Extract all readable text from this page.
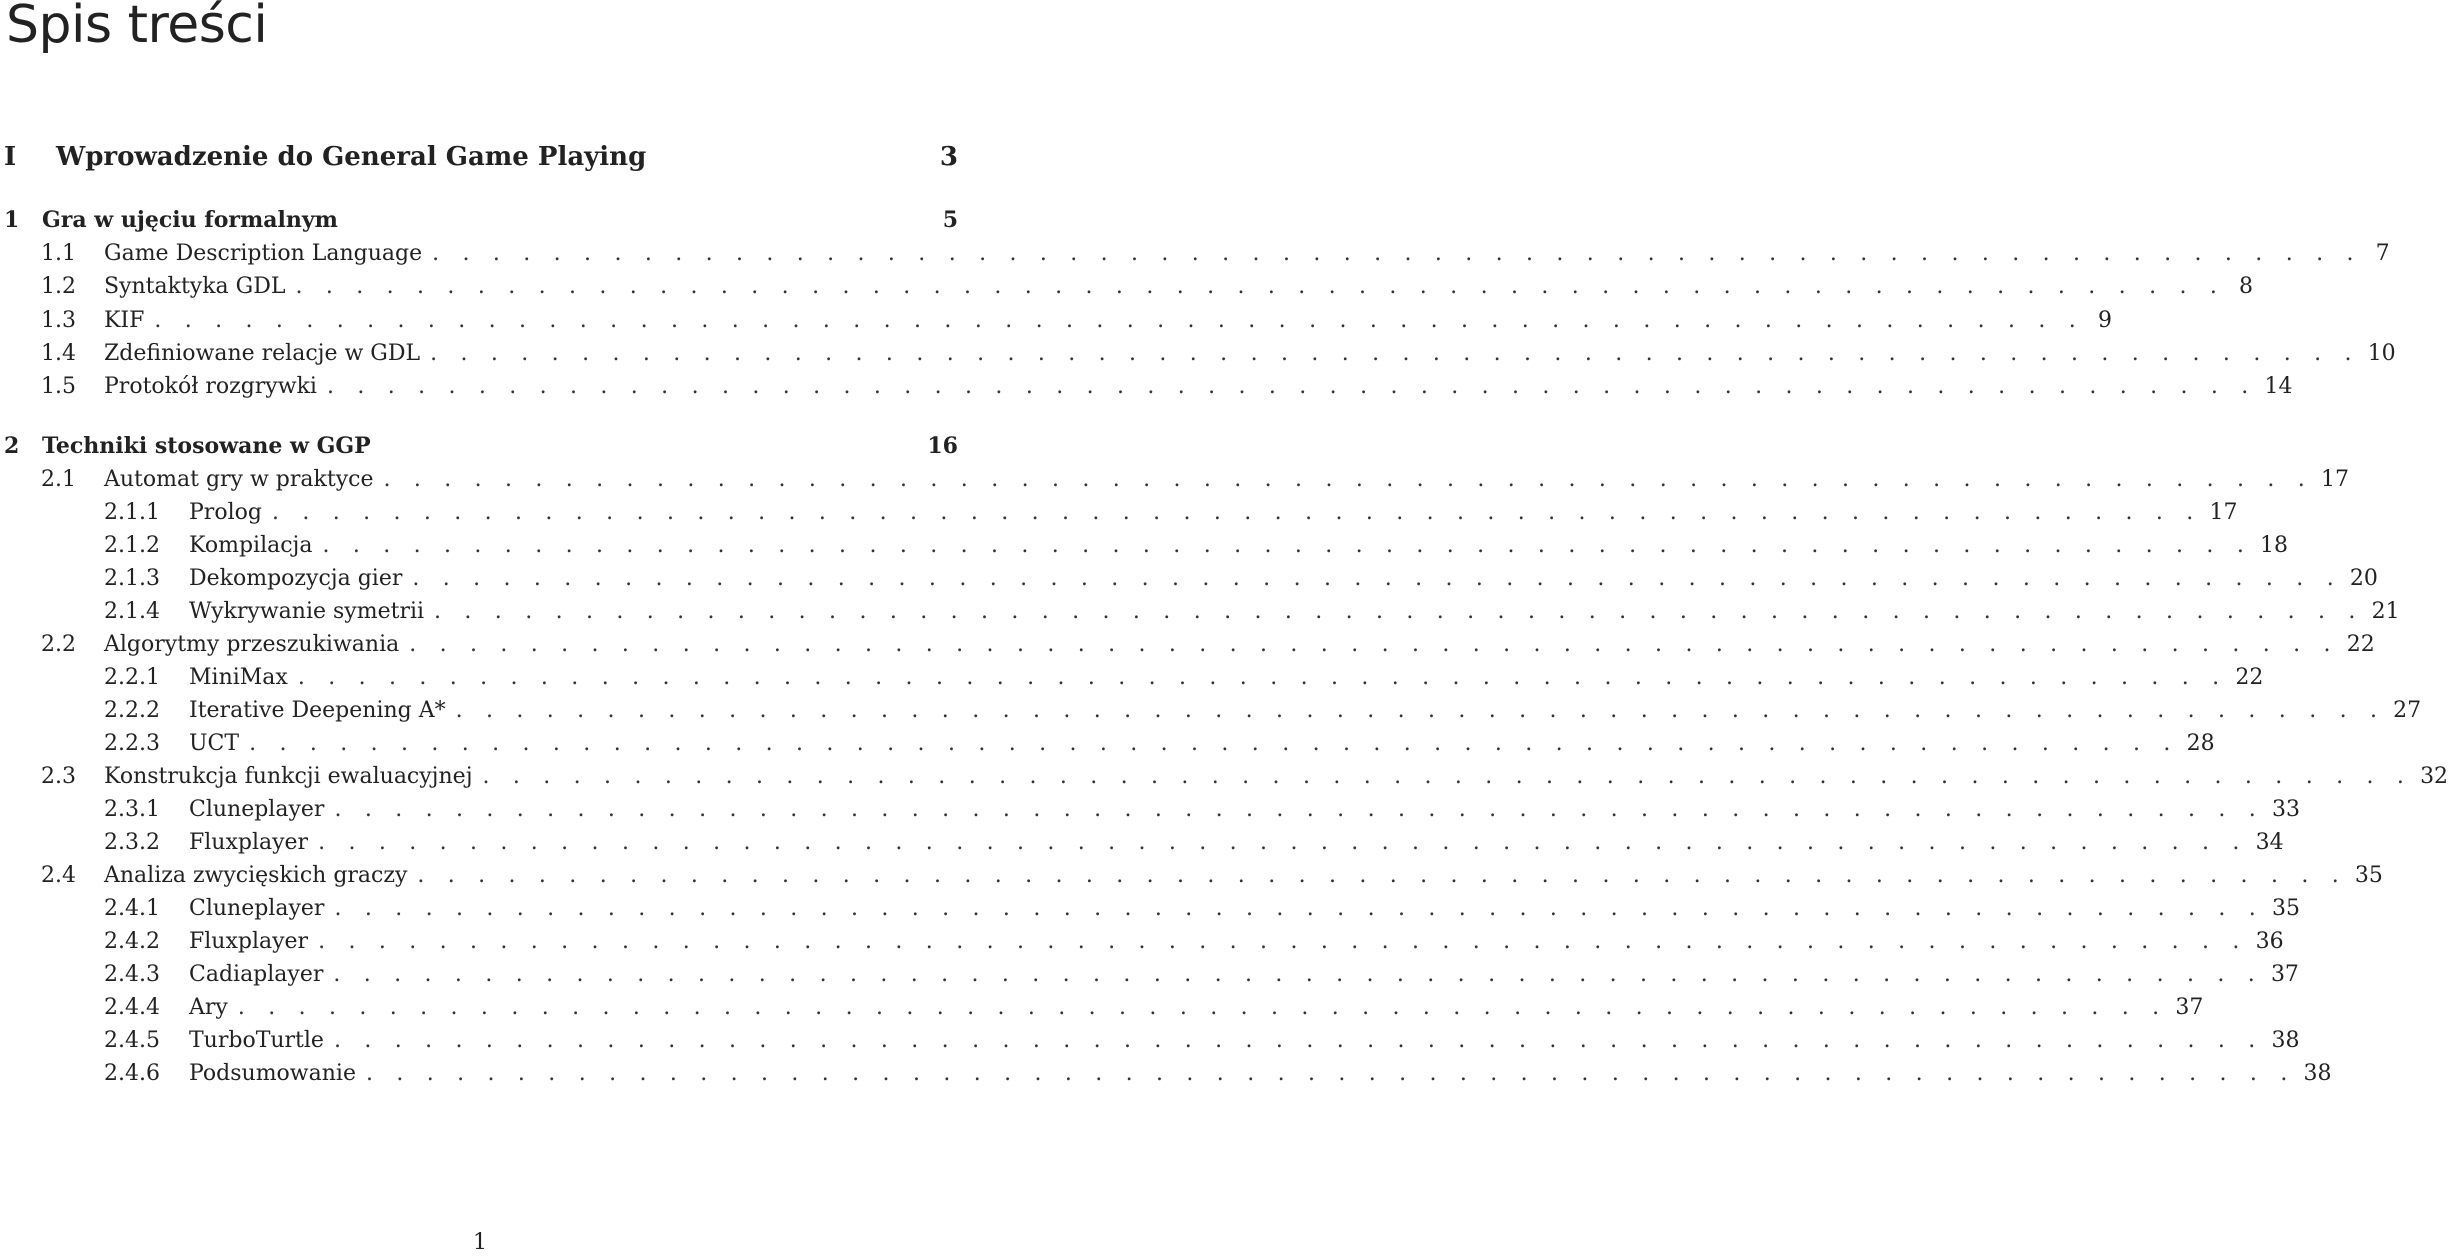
Spis treści
I	Wprowadzenie do General Game Playing	3
1	Gra w ujęciu formalnym	5
1.1	Game Description Language . . . . . . . . . . . . . . . . . . . . . . . . . . . . . . . . . . . . . . . . . . . . . . . . . . . . . . . . . . . . . . . . 7
1.2	Syntaktyka GDL . . . . . . . . . . . . . . . . . . . . . . . . . . . . . . . . . . . . . . . . . . . . . . . . . . . . . . . . . . . . . . . . 8
1.3	KIF . . . . . . . . . . . . . . . . . . . . . . . . . . . . . . . . . . . . . . . . . . . . . . . . . . . . . . . . . . . . . . . . 9
1.4	Zdefiniowane relacje w GDL . . . . . . . . . . . . . . . . . . . . . . . . . . . . . . . . . . . . . . . . . . . . . . . . . . . . . . . . . . . . . . . . 10
1.5	Protokół rozgrywki . . . . . . . . . . . . . . . . . . . . . . . . . . . . . . . . . . . . . . . . . . . . . . . . . . . . . . . . . . . . . . . . 14
2	Techniki stosowane w GGP	16
2.1	Automat gry w praktyce . . . . . . . . . . . . . . . . . . . . . . . . . . . . . . . . . . . . . . . . . . . . . . . . . . . . . . . . . . . . . . . . 17
2.1.1	Prolog . . . . . . . . . . . . . . . . . . . . . . . . . . . . . . . . . . . . . . . . . . . . . . . . . . . . . . . . . . . . . . . . 17
2.1.2	Kompilacja . . . . . . . . . . . . . . . . . . . . . . . . . . . . . . . . . . . . . . . . . . . . . . . . . . . . . . . . . . . . . . . . 18
2.1.3	Dekompozycja gier . . . . . . . . . . . . . . . . . . . . . . . . . . . . . . . . . . . . . . . . . . . . . . . . . . . . . . . . . . . . . . . . 20
2.1.4	Wykrywanie symetrii . . . . . . . . . . . . . . . . . . . . . . . . . . . . . . . . . . . . . . . . . . . . . . . . . . . . . . . . . . . . . . . . 21
2.2	Algorytmy przeszukiwania . . . . . . . . . . . . . . . . . . . . . . . . . . . . . . . . . . . . . . . . . . . . . . . . . . . . . . . . . . . . . . . . 22
2.2.1	MiniMax . . . . . . . . . . . . . . . . . . . . . . . . . . . . . . . . . . . . . . . . . . . . . . . . . . . . . . . . . . . . . . . . 22
2.2.2	Iterative Deepening A* . . . . . . . . . . . . . . . . . . . . . . . . . . . . . . . . . . . . . . . . . . . . . . . . . . . . . . . . . . . . . . . . 27
2.2.3	UCT . . . . . . . . . . . . . . . . . . . . . . . . . . . . . . . . . . . . . . . . . . . . . . . . . . . . . . . . . . . . . . . . 28
2.3	Konstrukcja funkcji ewaluacyjnej . . . . . . . . . . . . . . . . . . . . . . . . . . . . . . . . . . . . . . . . . . . . . . . . . . . . . . . . . . . . . . . . 32
2.3.1	Cluneplayer . . . . . . . . . . . . . . . . . . . . . . . . . . . . . . . . . . . . . . . . . . . . . . . . . . . . . . . . . . . . . . . . 33
2.3.2	Fluxplayer . . . . . . . . . . . . . . . . . . . . . . . . . . . . . . . . . . . . . . . . . . . . . . . . . . . . . . . . . . . . . . . . 34
2.4	Analiza zwycięskich graczy . . . . . . . . . . . . . . . . . . . . . . . . . . . . . . . . . . . . . . . . . . . . . . . . . . . . . . . . . . . . . . . . 35
2.4.1	Cluneplayer . . . . . . . . . . . . . . . . . . . . . . . . . . . . . . . . . . . . . . . . . . . . . . . . . . . . . . . . . . . . . . . . 35
2.4.2	Fluxplayer . . . . . . . . . . . . . . . . . . . . . . . . . . . . . . . . . . . . . . . . . . . . . . . . . . . . . . . . . . . . . . . . 36
2.4.3	Cadiaplayer . . . . . . . . . . . . . . . . . . . . . . . . . . . . . . . . . . . . . . . . . . . . . . . . . . . . . . . . . . . . . . . . 37
2.4.4	Ary . . . . . . . . . . . . . . . . . . . . . . . . . . . . . . . . . . . . . . . . . . . . . . . . . . . . . . . . . . . . . . . . 37
2.4.5	TurboTurtle . . . . . . . . . . . . . . . . . . . . . . . . . . . . . . . . . . . . . . . . . . . . . . . . . . . . . . . . . . . . . . . . 38
2.4.6	Podsumowanie . . . . . . . . . . . . . . . . . . . . . . . . . . . . . . . . . . . . . . . . . . . . . . . . . . . . . . . . . . . . . . . . 38
1
